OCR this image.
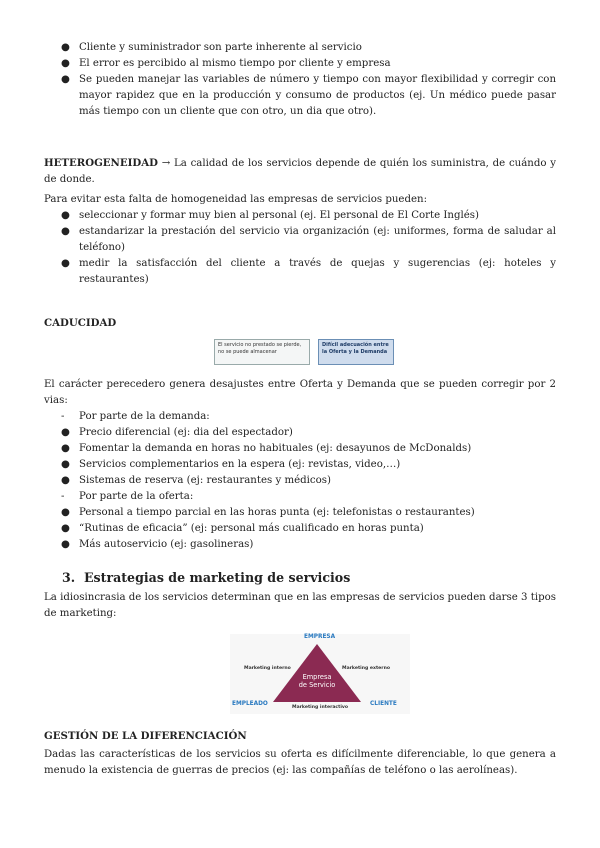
● Cliente y suministrador son parte inherente al servicio
● El error es percibido al mismo tiempo por cliente y empresa
● Se pueden manejar las variables de número y tiempo con mayor flexibilidad y corregir con mayor rapidez que en la producción y consumo de productos (ej. Un médico puede pasar más tiempo con un cliente que con otro, un dia que otro).

HETEROGENEIDAD → La calidad de los servicios depende de quién los suministra, de cuándo y de donde.

Para evitar esta falta de homogeneidad las empresas de servicios pueden:

● seleccionar y formar muy bien al personal (ej. El personal de El Corte Inglés)
● estandarizar la prestación del servicio via organización (ej: uniformes, forma de saludar al teléfono)
● medir la satisfacción del cliente a través de quejas y sugerencias (ej: hoteles y restaurantes)

CADUCIDAD

El servicio no prestado se pierde, no se puede almacenar
Difícil adecuación entre la Oferta y la Demanda

El carácter perecedero genera desajustes entre Oferta y Demanda que se pueden corregir por 2 vias:

- Por parte de la demanda:
● Precio diferencial (ej: dia del espectador)
● Fomentar la demanda en horas no habituales (ej: desayunos de McDonalds)
● Servicios complementarios en la espera (ej: revistas, video,…)
● Sistemas de reserva (ej: restaurantes y médicos)
- Por parte de la oferta:
● Personal a tiempo parcial en las horas punta (ej: telefonistas o restaurantes)
● “Rutinas de eficacia” (ej: personal más cualificado en horas punta)
● Más autoservicio (ej: gasolineras)

3. Estrategias de marketing de servicios

La idiosincrasia de los servicios determinan que en las empresas de servicios pueden darse 3 tipos de marketing:

EMPRESA
EMPLEADO	CLIENTE
Marketing interno	Marketing externo
Marketing interactivo
Empresa
de Servicio

GESTIÓN DE LA DIFERENCIACIÓN

Dadas las características de los servicios su oferta es difícilmente diferenciable, lo que genera a menudo la existencia de guerras de precios (ej: las compañías de teléfono o las aerolíneas).
